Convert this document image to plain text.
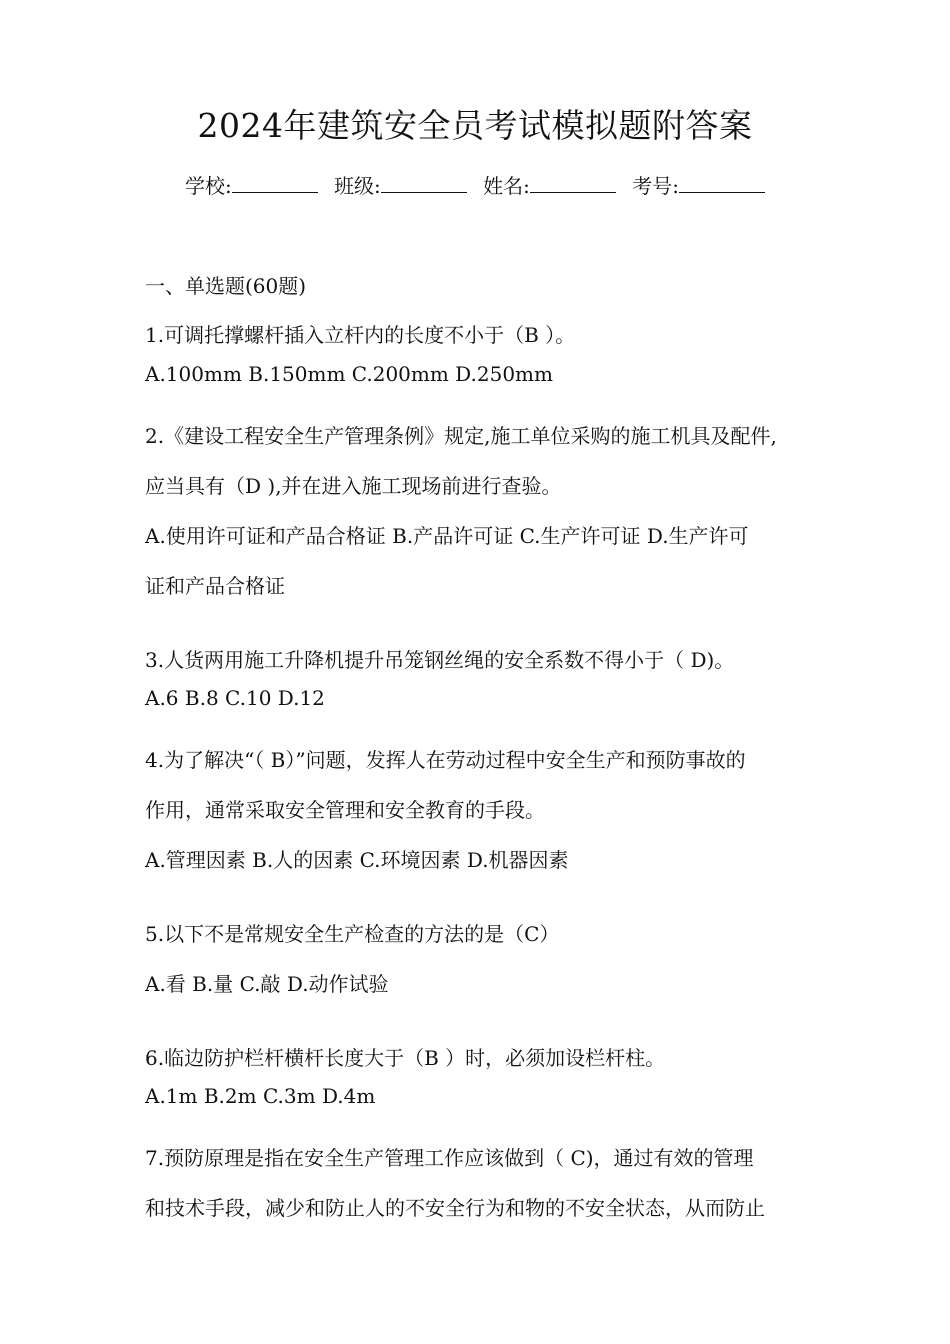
2024年建筑安全员考试模拟题附答案
学校:	班级:	姓名:	考号:
一、单选题(60题)
1.可调托撑螺杆插入立杆内的长度不小于（B ）。
A.100mm B.150mm C.200mm D.250mm
2.《建设工程安全生产管理条例》规定,施工单位采购的施工机具及配件,
应当具有（D ),并在进入施工现场前进行查验。
A.使用许可证和产品合格证 B.产品许可证 C.生产许可证 D.生产许可
证和产品合格证
3.人货两用施工升降机提升吊笼钢丝绳的安全系数不得小于（ D)。
A.6 B.8 C.10 D.12
4.为了解决“（ B）”问题，发挥人在劳动过程中安全生产和预防事故的
作用，通常采取安全管理和安全教育的手段。
A.管理因素 B.人的因素 C.环境因素 D.机器因素
5.以下不是常规安全生产检查的方法的是（C）
A.看 B.量 C.敲 D.动作试验
6.临边防护栏杆横杆长度大于（B ）时，必须加设栏杆柱。
A.1m B.2m C.3m D.4m
7.预防原理是指在安全生产管理工作应该做到（ C)，通过有效的管理
和技术手段，减少和防止人的不安全行为和物的不安全状态，从而防止
